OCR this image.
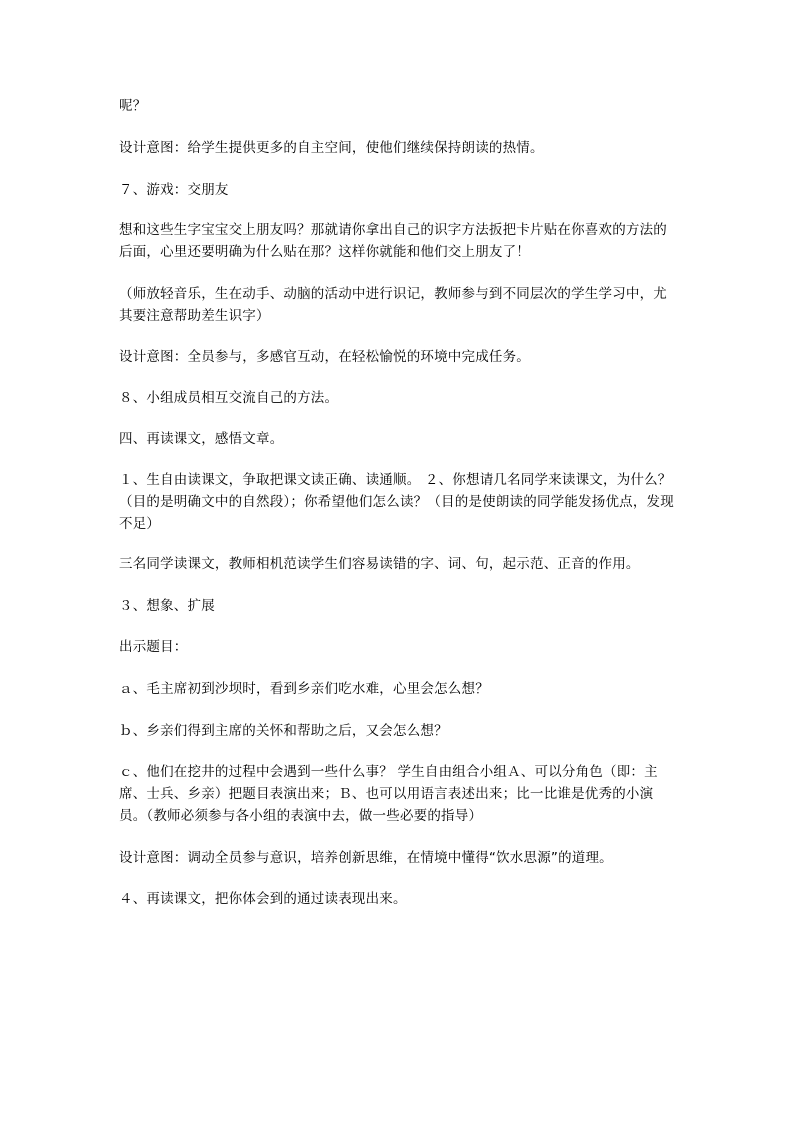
呢？
设计意图：给学生提供更多的自主空间，使他们继续保持朗读的热情。
７、游戏：交朋友
想和这些生字宝宝交上朋友吗？那就请你拿出自己的识字方法扳把卡片贴在你喜欢的方法的后面，心里还要明确为什么贴在那？这样你就能和他们交上朋友了！
（师放轻音乐，生在动手、动脑的活动中进行识记，教师参与到不同层次的学生学习中，尤其要注意帮助差生识字）
设计意图：全员参与，多感官互动，在轻松愉悦的环境中完成任务。
８、小组成员相互交流自己的方法。
四、再读课文，感悟文章。
１、生自由读课文，争取把课文读正确、读通顺。 ２、你想请几名同学来读课文，为什么？（目的是明确文中的自然段）；你希望他们怎么读？（目的是使朗读的同学能发扬优点，发现不足）
三名同学读课文，教师相机范读学生们容易读错的字、词、句，起示范、正音的作用。
３、想象、扩展
出示题目：
ａ、毛主席初到沙坝时，看到乡亲们吃水难，心里会怎么想？
ｂ、乡亲们得到主席的关怀和帮助之后，又会怎么想？
ｃ、他们在挖井的过程中会遇到一些什么事？ 学生自由组合小组Ａ、可以分角色（即：主席、士兵、乡亲）把题目表演出来；Ｂ、也可以用语言表述出来；比一比谁是优秀的小演员。（教师必须参与各小组的表演中去，做一些必要的指导）
设计意图：调动全员参与意识，培养创新思维，在情境中懂得“饮水思源”的道理。
４、再读课文，把你体会到的通过读表现出来。
